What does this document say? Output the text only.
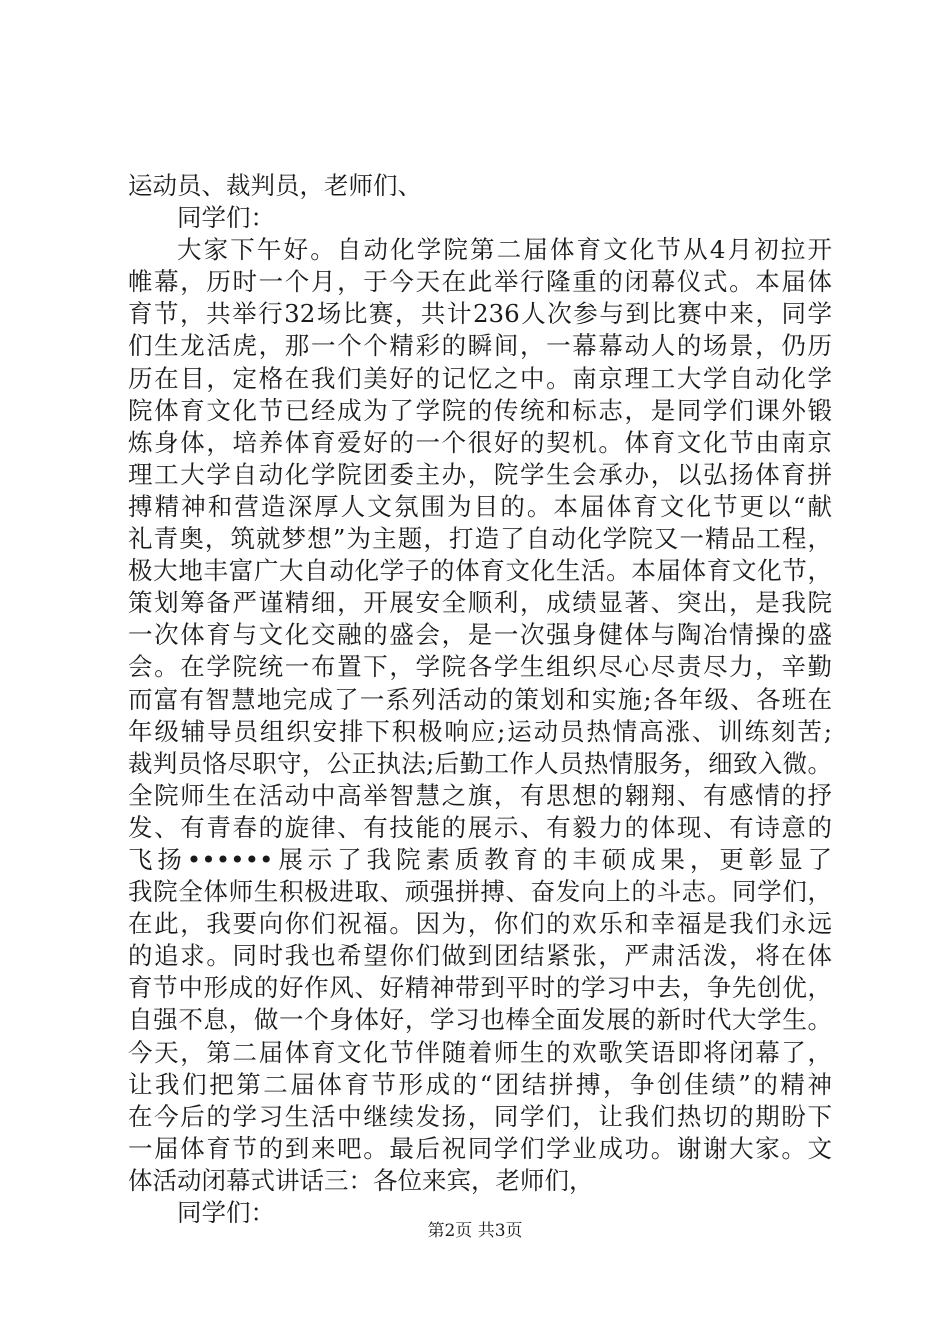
运动员、裁判员，老师们、
同学们：
大家下午好。自动化学院第二届体育文化节从4月初拉开
帷幕，历时一个月，于今天在此举行隆重的闭幕仪式。本届体
育节，共举行32场比赛，共计236人次参与到比赛中来，同学
们生龙活虎，那一个个精彩的瞬间，一幕幕动人的场景，仍历
历在目，定格在我们美好的记忆之中。南京理工大学自动化学
院体育文化节已经成为了学院的传统和标志，是同学们课外锻
炼身体，培养体育爱好的一个很好的契机。体育文化节由南京
理工大学自动化学院团委主办，院学生会承办，以弘扬体育拼
搏精神和营造深厚人文氛围为目的。本届体育文化节更以“献
礼青奥，筑就梦想”为主题，打造了自动化学院又一精品工程，
极大地丰富广大自动化学子的体育文化生活。本届体育文化节，
策划筹备严谨精细，开展安全顺利，成绩显著、突出，是我院
一次体育与文化交融的盛会，是一次强身健体与陶冶情操的盛
会。在学院统一布置下，学院各学生组织尽心尽责尽力，辛勤
而富有智慧地完成了一系列活动的策划和实施;各年级、各班在
年级辅导员组织安排下积极响应;运动员热情高涨、训练刻苦;
裁判员恪尽职守，公正执法;后勤工作人员热情服务，细致入微。
全院师生在活动中高举智慧之旗，有思想的翱翔、有感情的抒
发、有青春的旋律、有技能的展示、有毅力的体现、有诗意的
飞扬••••••展示了我院素质教育的丰硕成果，更彰显了
我院全体师生积极进取、顽强拼搏、奋发向上的斗志。同学们，
在此，我要向你们祝福。因为，你们的欢乐和幸福是我们永远
的追求。同时我也希望你们做到团结紧张，严肃活泼，将在体
育节中形成的好作风、好精神带到平时的学习中去，争先创优，
自强不息，做一个身体好，学习也棒全面发展的新时代大学生。
今天，第二届体育文化节伴随着师生的欢歌笑语即将闭幕了，
让我们把第二届体育节形成的“团结拼搏，争创佳绩”的精神
在今后的学习生活中继续发扬，同学们，让我们热切的期盼下
一届体育节的到来吧。最后祝同学们学业成功。谢谢大家。文
体活动闭幕式讲话三：各位来宾，老师们，
同学们：
第2页 共3页
